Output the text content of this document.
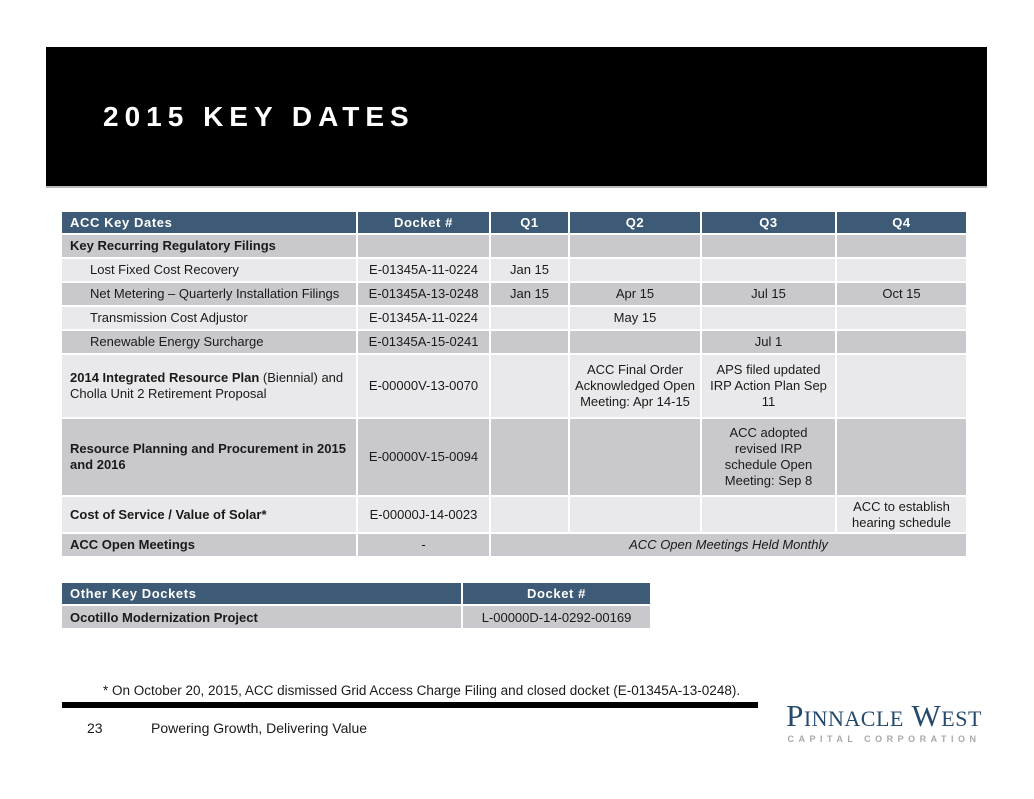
2015 KEY DATES
ACC Key Dates	Docket #	Q1	Q2	Q3	Q4
Key Recurring Regulatory Filings					
Lost Fixed Cost Recovery	E-01345A-11-0224	Jan 15			
Net Metering – Quarterly Installation Filings	E-01345A-13-0248	Jan 15	Apr 15	Jul 15	Oct 15
Transmission Cost Adjustor	E-01345A-11-0224		May 15		
Renewable Energy Surcharge	E-01345A-15-0241			Jul 1	
2014 Integrated Resource Plan (Biennial) and Cholla Unit 2 Retirement Proposal	E-00000V-13-0070		ACC Final Order Acknowledged Open Meeting: Apr 14-15	APS filed updated IRP Action Plan Sep 11	
Resource Planning and Procurement in 2015 and 2016	E-00000V-15-0094			ACC adopted revised IRP schedule Open Meeting: Sep 8	
Cost of Service / Value of Solar*	E-00000J-14-0023				ACC to establish hearing schedule
ACC Open Meetings	-	ACC Open Meetings Held Monthly			
Other Key Dockets	Docket #
Ocotillo Modernization Project	L-00000D-14-0292-00169
* On October 20, 2015, ACC dismissed Grid Access Charge Filing and closed docket (E-01345A-13-0248).
23	Powering Growth, Delivering Value	Pinnacle West
CAPITAL CORPORATION
